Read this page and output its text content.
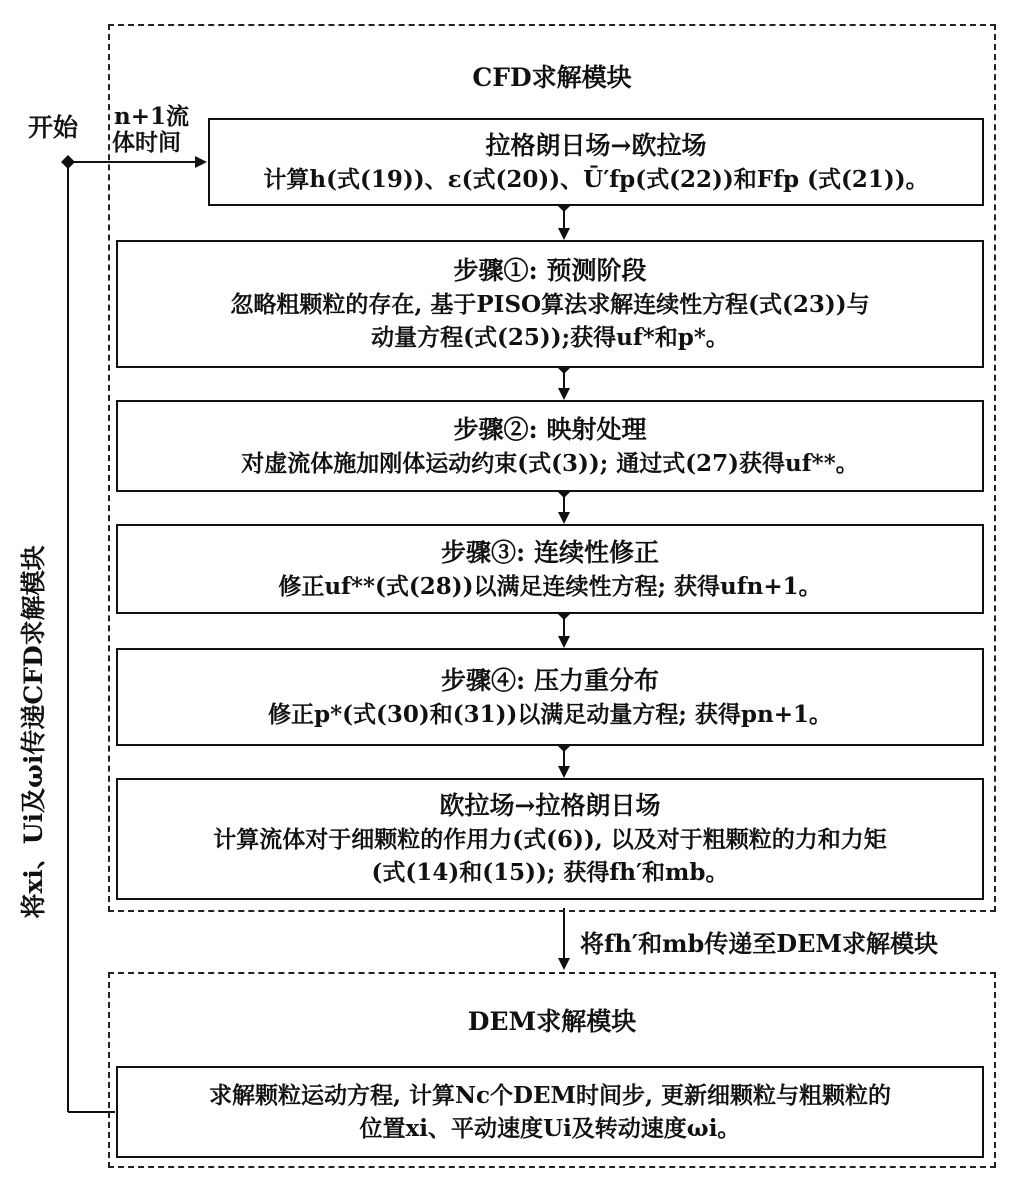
CFD求解模块
DEM求解模块
开始 n+1流
体时间
将xi、Ui及ωi传递CFD求解模块
将fh′和mb传递至DEM求解模块
拉格朗日场→欧拉场
计算h(式(19))、ε(式(20))、Ū′fp(式(22))和Ffp (式(21))。
步骤①: 预测阶段
忽略粗颗粒的存在, 基于PISO算法求解连续性方程(式(23))与
动量方程(式(25));获得uf*和p*。
步骤②: 映射处理
对虚流体施加刚体运动约束(式(3)); 通过式(27)获得uf**。
步骤③: 连续性修正
修正uf**(式(28))以满足连续性方程; 获得ufn+1。
步骤④: 压力重分布
修正p*(式(30)和(31))以满足动量方程; 获得pn+1。
欧拉场→拉格朗日场
计算流体对于细颗粒的作用力(式(6)), 以及对于粗颗粒的力和力矩
(式(14)和(15)); 获得fh′和mb。
求解颗粒运动方程, 计算Nc个DEM时间步, 更新细颗粒与粗颗粒的
位置xi、平动速度Ui及转动速度ωi。
